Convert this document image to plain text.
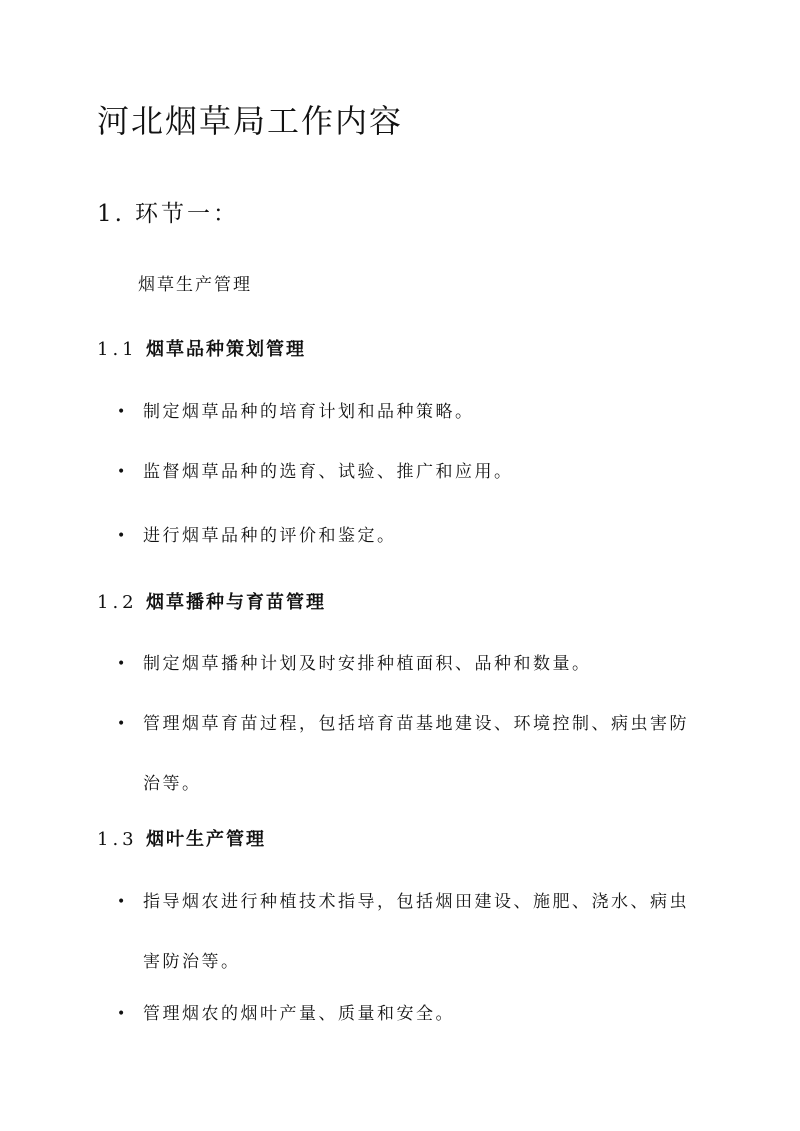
河北烟草局工作内容
1. 环节一：

烟草生产管理

1.1 烟草品种策划管理
• 制定烟草品种的培育计划和品种策略。
• 监督烟草品种的选育、试验、推广和应用。
• 进行烟草品种的评价和鉴定。
1.2 烟草播种与育苗管理
• 制定烟草播种计划及时安排种植面积、品种和数量。
• 管理烟草育苗过程，包括培育苗基地建设、环境控制、病虫害防治等。
1.3 烟叶生产管理
• 指导烟农进行种植技术指导，包括烟田建设、施肥、浇水、病虫害防治等。
• 管理烟农的烟叶产量、质量和安全。
